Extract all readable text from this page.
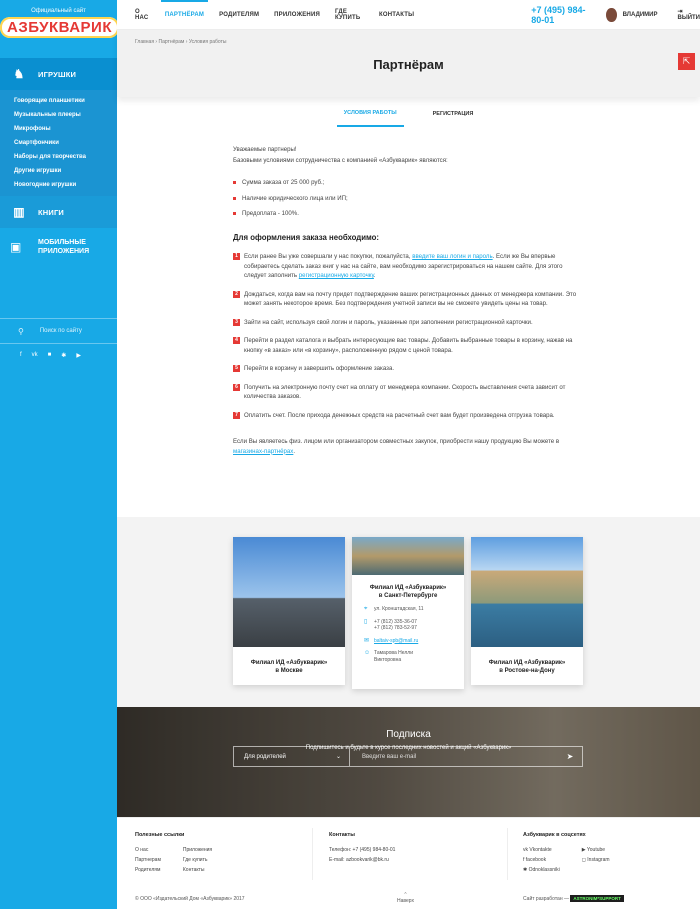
Официальный сайт
АЗБУКВАРИК
♞	ИГРУШКИ
Говорящие планшетики
Музыкальные плееры
Микрофоны
Смартфончики
Наборы для творчества
Другие игрушки
Новогодние игрушки
▥	КНИГИ
▣	МОБИЛЬНЫЕ
ПРИЛОЖЕНИЯ
⚲	Поиск по сайту
f vk ■ ✱ ▶
О НАС	ПАРТНЁРАМ	РОДИТЕЛЯМ	ПРИЛОЖЕНИЯ	ГДЕ КУПИТЬ	КОНТАКТЫ	+7 (495) 984-80-01	ВЛАДИМИР	⇥ ВЫЙТИ
Главная › Партнёрам › Условия работы
Партнёрам	⇱
УСЛОВИЯ РАБОТЫ	РЕГИСТРАЦИЯ

Уважаемые партнеры!

Базовыми условиями сотрудничества с компанией «Азбукварик» являются:

Сумма заказа от 25 000 руб.;
Наличие юридического лица или ИП;
Предоплата - 100%.
Для оформления заказа необходимо:
1	Если ранее Вы уже совершали у нас покупки, пожалуйста, введите ваш логин и пароль. Если же Вы впервые собираетесь сделать заказ книг у нас на сайте, вам необходимо зарегистрироваться на нашем сайте. Для этого следует заполнить регистрационную карточку.
2	Дождаться, когда вам на почту придет подтверждение ваших регистрационных данных от менеджера компании. Это может занять некоторое время. Без подтверждения учетной записи вы не сможете увидеть цены на товар.
3	Зайти на сайт, используя свой логин и пароль, указанные при заполнении регистрационной карточки.
4	Перейти в раздел каталога и выбрать интересующие вас товары. Добавить выбранные товары в корзину, нажав на кнопку «в заказ» или «в корзину», расположенную рядом с ценой товара.
5	Перейти в корзину и завершить оформление заказа.
6	Получить на электронную почту счет на оплату от менеджера компании. Скорость выставления счета зависит от количества заказов.
7	Оплатить счет. После прихода денежных средств на расчетный счет вам будет произведена отгрузка товара.

Если Вы являетесь физ. лицом или организатором совместных закупок, приобрести нашу продукцию Вы можете в магазинах-партнёрах.

Филиал ИД «Азбукварик»
в Москве
Филиал ИД «Азбукварик»
в Санкт-Петербурге
⌖ ул. Кронштадская, 11
▯ +7 (812) 335-36-07
+7 (812) 783-52-97
✉ baltaiv-spb@mail.ru
☺ Тамарова Нелли
Викторовна
Филиал ИД «Азбукварик»
в Ростове-на-Дону
Подписка
Подпишитесь и будьте в курсе последних новостей и акций «Азбукварик»
Для родителей	⌄	Введите ваш e-mail	➤
Полезные ссылки
О нас
Партнерам
Родителям
Приложения
Где купить
Контакты
Контакты
Телефон: +7 (495) 984-80-01
E-mail: azbookvarik@bk.ru
Азбукварик в соцсетях
vk Vkontakte
f facebook
✱ Odnoklassniki
▶ Youtube
◻ Instagram
© ООО «Издательский Дом «Азбукварик» 2017
⌃
Наверх	Сайт разработан — ASTRONIM*SUPPORT
